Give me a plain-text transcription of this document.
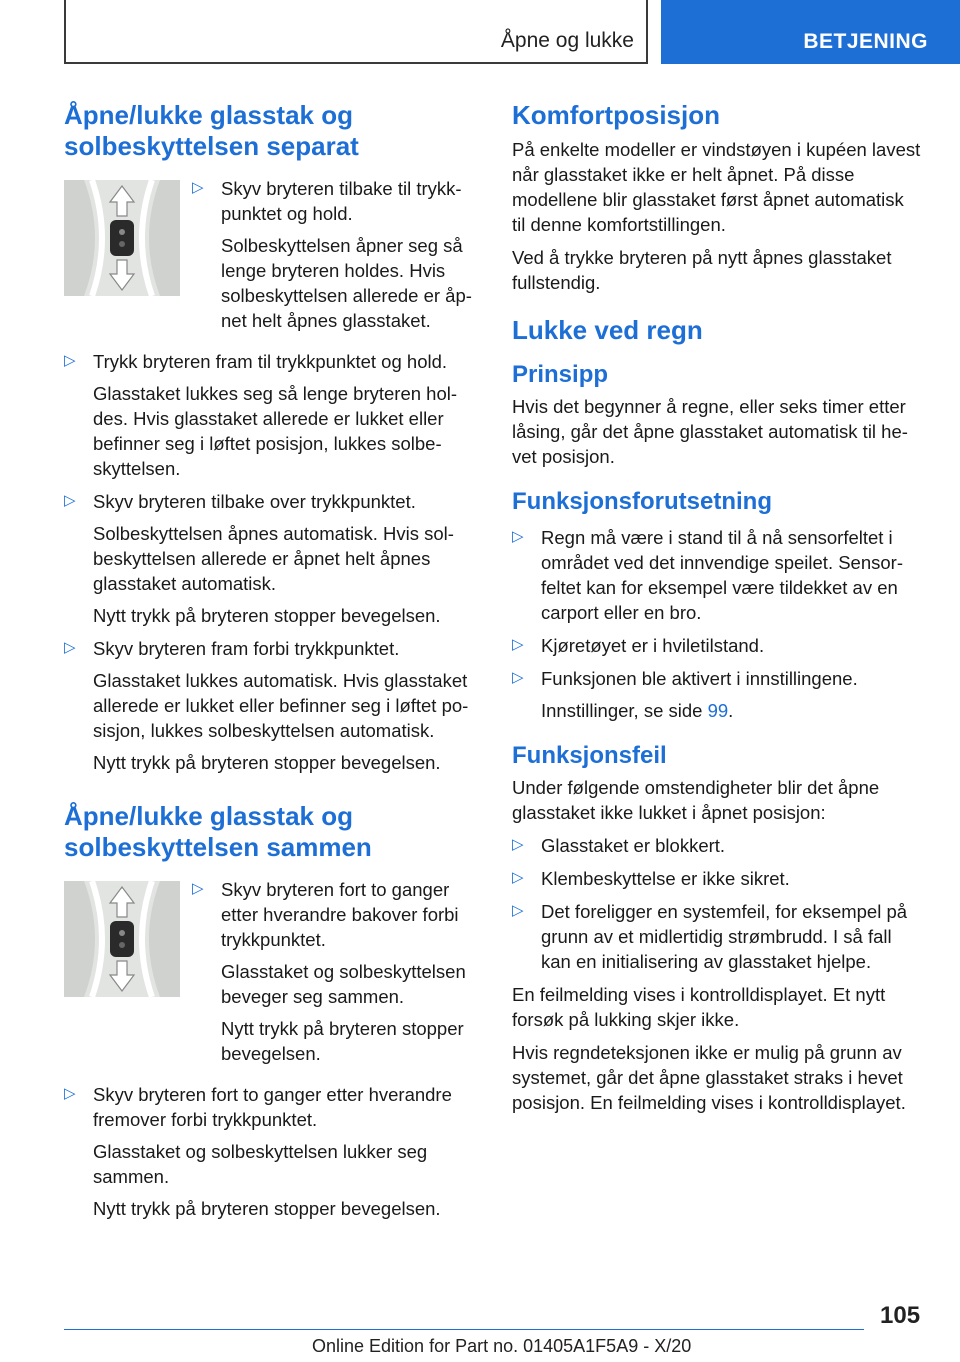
Åpne og lukke	BETJENING
Åpne/lukke glasstak og solbeskyttelsen separat
▷ Skyv bryteren tilbake til trykkpunktet og hold.

Solbeskyttelsen åpner seg så lenge bryteren holdes. Hvis solbeskyttelsen allerede er åpnet helt åpnes glasstaket.

▷ Trykk bryteren fram til trykkpunktet og hold.

Glasstaket lukkes seg så lenge bryteren holdes. Hvis glasstaket allerede er lukket eller befinner seg i løftet posisjon, lukkes solbeskyttelsen.

▷ Skyv bryteren tilbake over trykkpunktet.

Solbeskyttelsen åpnes automatisk. Hvis solbeskyttelsen allerede er åpnet helt åpnes glasstaket automatisk.

Nytt trykk på bryteren stopper bevegelsen.

▷ Skyv bryteren fram forbi trykkpunktet.

Glasstaket lukkes automatisk. Hvis glasstaket allerede er lukket eller befinner seg i løftet posisjon, lukkes solbeskyttelsen automatisk.

Nytt trykk på bryteren stopper bevegelsen.

Åpne/lukke glasstak og solbeskyttelsen sammen
▷ Skyv bryteren fort to ganger etter hverandre bakover forbi trykkpunktet.

Glasstaket og solbeskyttelsen beveger seg sammen.

Nytt trykk på bryteren stopper bevegelsen.

▷ Skyv bryteren fort to ganger etter hverandre fremover forbi trykkpunktet.

Glasstaket og solbeskyttelsen lukker seg sammen.

Nytt trykk på bryteren stopper bevegelsen.

Komfortposisjon

På enkelte modeller er vindstøyen i kupéen lavest når glasstaket ikke er helt åpnet. På disse modellene blir glasstaket først åpnet automatisk til denne komfortstillingen.

Ved å trykke bryteren på nytt åpnes glasstaket fullstendig.

Lukke ved regn
Prinsipp

Hvis det begynner å regne, eller seks timer etter låsing, går det åpne glasstaket automatisk til hevet posisjon.

Funksjonsforutsetning
▷ Regn må være i stand til å nå sensorfeltet i området ved det innvendige speilet. Sensorfeltet kan for eksempel være tildekket av en carport eller en bro.

▷ Kjøretøyet er i hviletilstand.

▷ Funksjonen ble aktivert i innstillingene.

Innstillinger, se side 99.

Funksjonsfeil

Under følgende omstendigheter blir det åpne glasstaket ikke lukket i åpnet posisjon:

▷ Glasstaket er blokkert.

▷ Klembeskyttelse er ikke sikret.

▷ Det foreligger en systemfeil, for eksempel på grunn av et midlertidig strømbrudd. I så fall kan en initialisering av glasstaket hjelpe.

En feilmelding vises i kontrolldisplayet. Et nytt forsøk på lukking skjer ikke.

Hvis regndeteksjonen ikke er mulig på grunn av systemet, går det åpne glasstaket straks i hevet posisjon. En feilmelding vises i kontrolldisplayet.

105
Online Edition for Part no. 01405A1F5A9 - X/20
